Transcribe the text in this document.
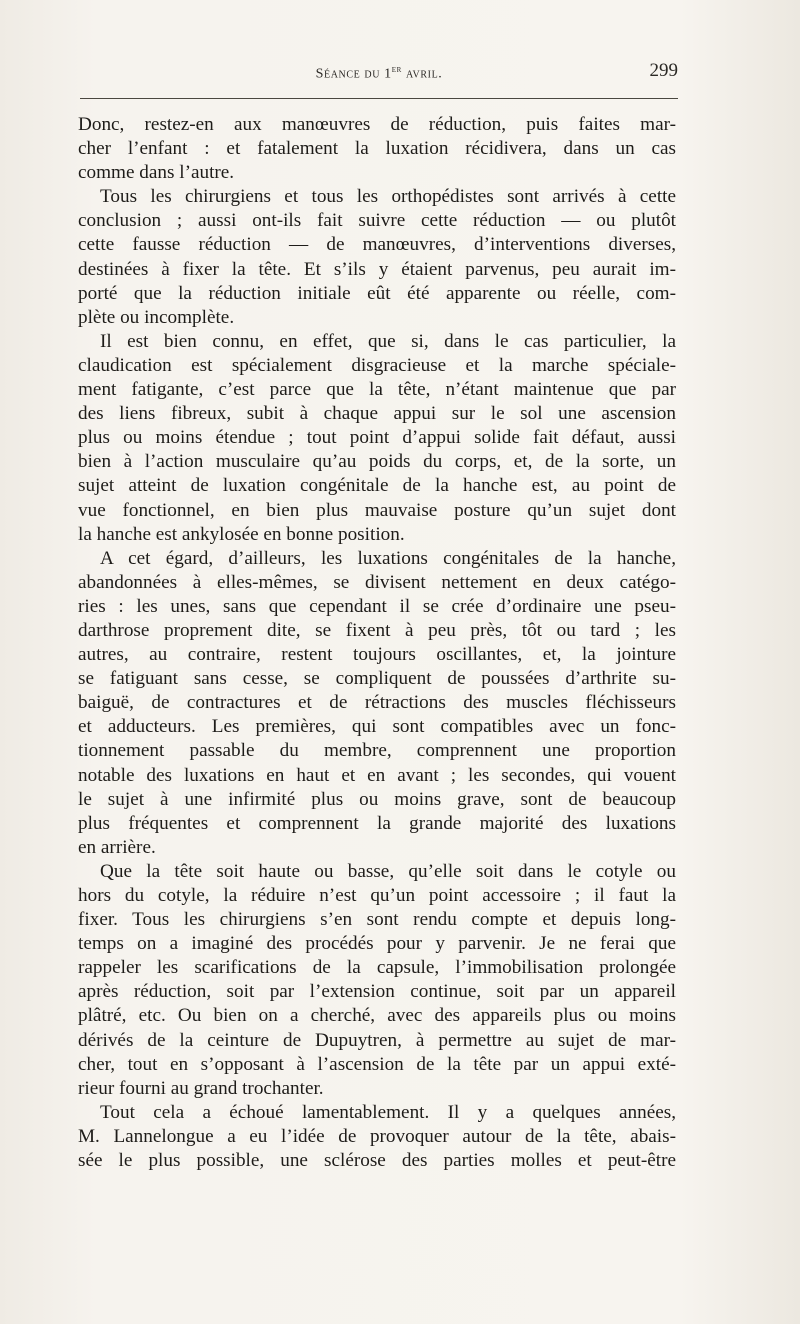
Séance du 1er avril.	299
Donc, restez-en aux manœuvres de réduction, puis faites mar-
cher l’enfant : et fatalement la luxation récidivera, dans un cas
comme dans l’autre.
Tous les chirurgiens et tous les orthopédistes sont arrivés à cette
conclusion ; aussi ont-ils fait suivre cette réduction — ou plutôt
cette fausse réduction — de manœuvres, d’interventions diverses,
destinées à fixer la tête. Et s’ils y étaient parvenus, peu aurait im-
porté que la réduction initiale eût été apparente ou réelle, com-
plète ou incomplète.
Il est bien connu, en effet, que si, dans le cas particulier, la
claudication est spécialement disgracieuse et la marche spéciale-
ment fatigante, c’est parce que la tête, n’étant maintenue que par
des liens fibreux, subit à chaque appui sur le sol une ascension
plus ou moins étendue ; tout point d’appui solide fait défaut, aussi
bien à l’action musculaire qu’au poids du corps, et, de la sorte, un
sujet atteint de luxation congénitale de la hanche est, au point de
vue fonctionnel, en bien plus mauvaise posture qu’un sujet dont
la hanche est ankylosée en bonne position.
A cet égard, d’ailleurs, les luxations congénitales de la hanche,
abandonnées à elles-mêmes, se divisent nettement en deux catégo-
ries : les unes, sans que cependant il se crée d’ordinaire une pseu-
darthrose proprement dite, se fixent à peu près, tôt ou tard ; les
autres, au contraire, restent toujours oscillantes, et, la jointure
se fatiguant sans cesse, se compliquent de poussées d’arthrite su-
baiguë, de contractures et de rétractions des muscles fléchisseurs
et adducteurs. Les premières, qui sont compatibles avec un fonc-
tionnement passable du membre, comprennent une proportion
notable des luxations en haut et en avant ; les secondes, qui vouent
le sujet à une infirmité plus ou moins grave, sont de beaucoup
plus fréquentes et comprennent la grande majorité des luxations
en arrière.
Que la tête soit haute ou basse, qu’elle soit dans le cotyle ou
hors du cotyle, la réduire n’est qu’un point accessoire ; il faut la
fixer. Tous les chirurgiens s’en sont rendu compte et depuis long-
temps on a imaginé des procédés pour y parvenir. Je ne ferai que
rappeler les scarifications de la capsule, l’immobilisation prolongée
après réduction, soit par l’extension continue, soit par un appareil
plâtré, etc. Ou bien on a cherché, avec des appareils plus ou moins
dérivés de la ceinture de Dupuytren, à permettre au sujet de mar-
cher, tout en s’opposant à l’ascension de la tête par un appui exté-
rieur fourni au grand trochanter.
Tout cela a échoué lamentablement. Il y a quelques années,
M. Lannelongue a eu l’idée de provoquer autour de la tête, abais-
sée le plus possible, une sclérose des parties molles et peut-être
